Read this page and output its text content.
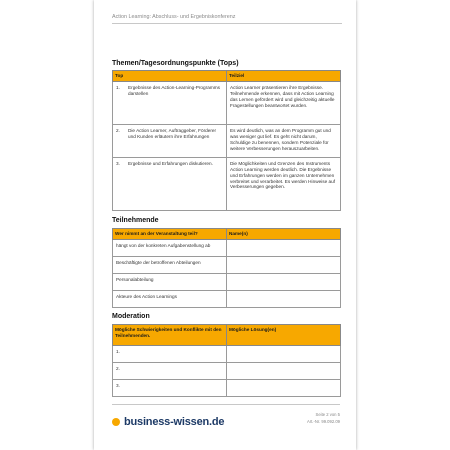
Action Learning: Abschluss- und Ergebniskonferenz
Themen/Tagesordnungspunkte (Tops)
Top	Teilziel

1. Ergebnisse des Action-Learning-Programms darstellen	Action Learner präsentieren ihre Ergebnisse. Teilnehmende erkennen, dass mit Action Learning das Lernen gefördert wird und gleichzeitig aktuelle Fragestellungen beantwortet wurden.

2. Die Action Learner, Auftraggeber, Förderer und Kunden erläutern ihre Erfahrungen	Es wird deutlich, was an dem Programm gut und was weniger gut lief. Es geht nicht darum, Schuldige zu benennen, sondern Potenziale für weitere Verbesserungen herauszuarbeiten.

3. Ergebnisse und Erfahrungen diskutieren.	Die Möglichkeiten und Grenzen des Instruments Action Learning werden deutlich. Die Ergebnisse und Erfahrungen werden im ganzen Unternehmen verbreitet und verarbeitet. Es werden Hinweise auf Verbesserungen gegeben.
Teilnehmende
Wer nimmt an der Veranstaltung teil?	Name(n)
hängt von der konkreten Aufgabenstellung ab	
Beschäftigte der betroffenen Abteilungen	
Personalabteilung	
Akteure des Action Learnings	
Moderation
Mögliche Schwierigkeiten und Konflikte mit den Teilnehmenden.	Mögliche Lösung(en)
1.	
2.	
3.	
business-wissen.de
Seite 2 von 5
Art.-Nr. 99.092.09
